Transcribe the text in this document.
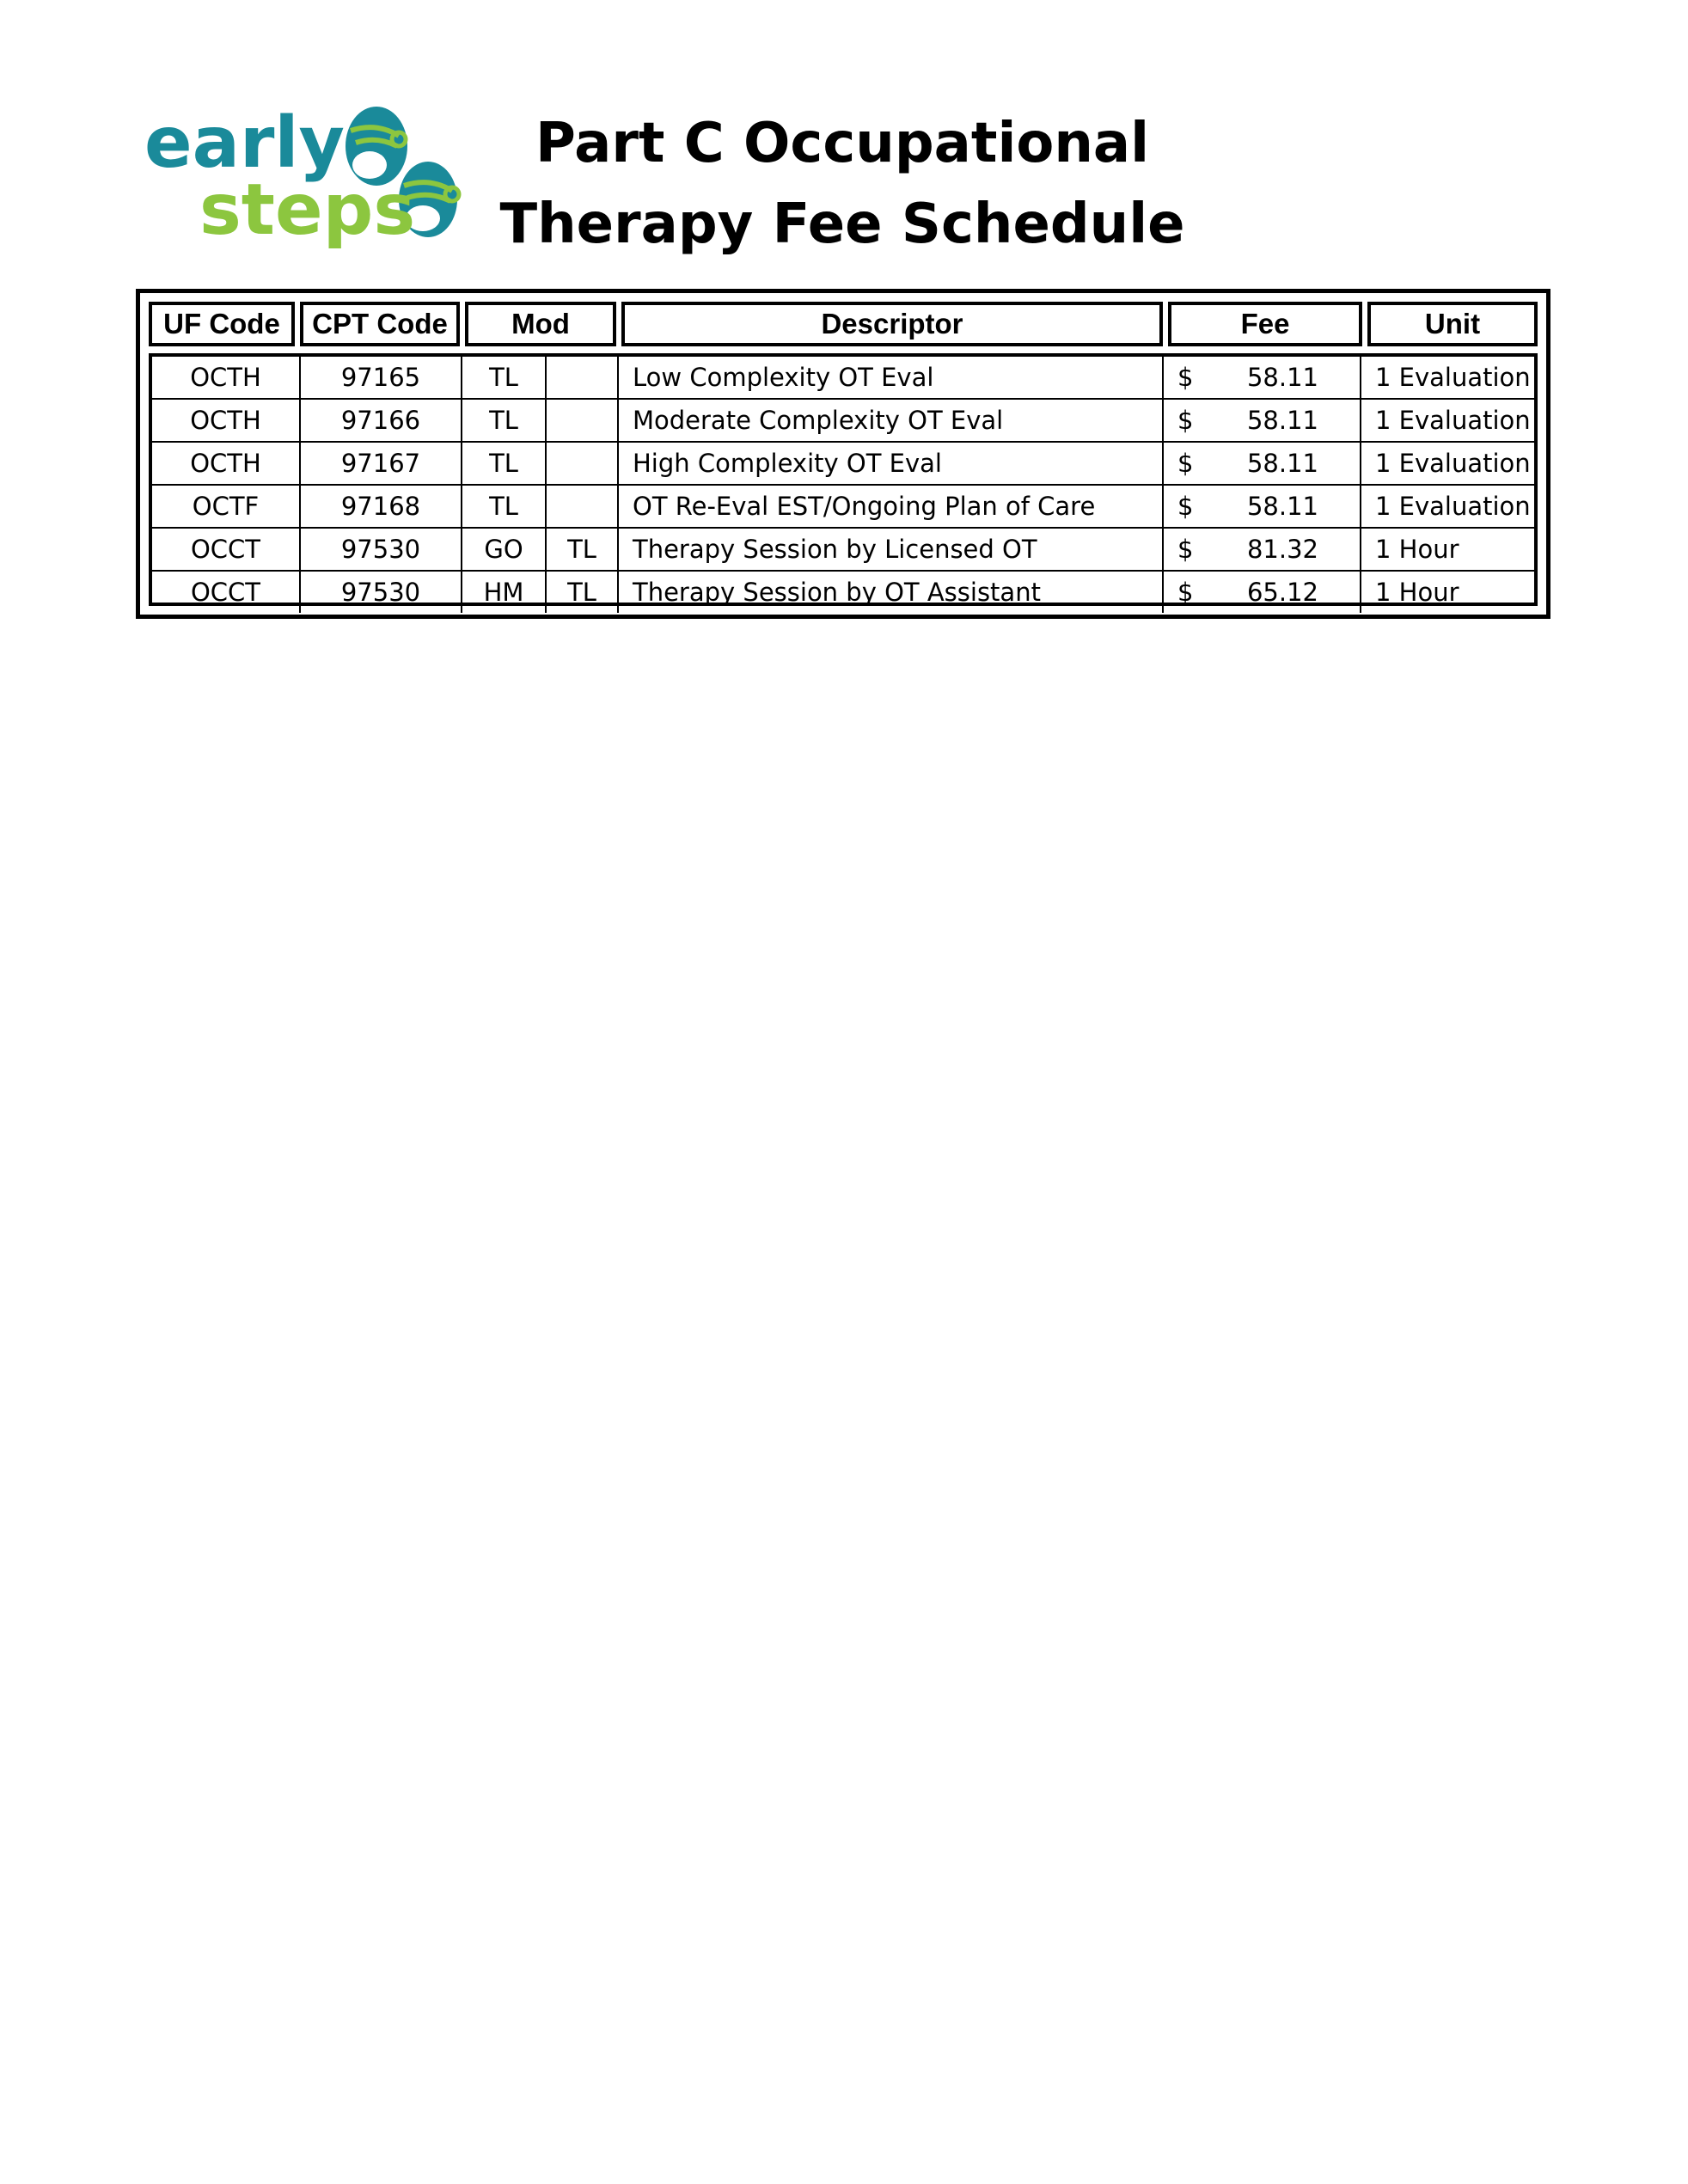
early
steps
Part C Occupational
Therapy Fee Schedule
UF Code	CPT Code	Mod	Descriptor	Fee	Unit
OCTH	97165	TL		Low Complexity OT Eval	$ 58.11	1 Evaluation
OCTH	97166	TL		Moderate Complexity OT Eval	$ 58.11	1 Evaluation
OCTH	97167	TL		High Complexity OT Eval	$ 58.11	1 Evaluation
OCTF	97168	TL		OT Re-Eval EST/Ongoing Plan of Care	$ 58.11	1 Evaluation
OCCT	97530	GO	TL	Therapy Session by Licensed OT	$ 81.32	1 Hour
OCCT	97530	HM	TL	Therapy Session by OT Assistant	$ 65.12	1 Hour
